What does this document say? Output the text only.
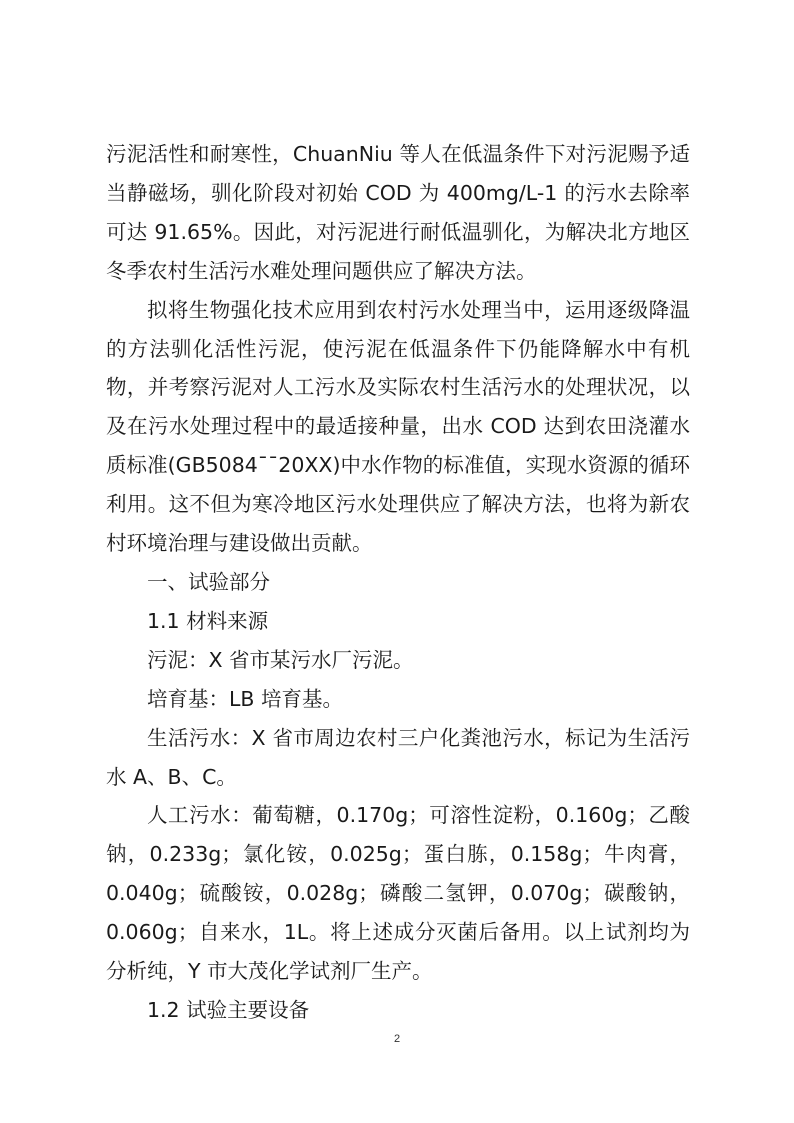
污泥活性和耐寒性，ChuanNiu 等人在低温条件下对污泥赐予适当静磁场，驯化阶段对初始 COD 为 400mg/L-1 的污水去除率可达 91.65%。因此，对污泥进行耐低温驯化，为解决北方地区冬季农村生活污水难处理问题供应了解决方法。

拟将生物强化技术应用到农村污水处理当中，运用逐级降温的方法驯化活性污泥，使污泥在低温条件下仍能降解水中有机物，并考察污泥对人工污水及实际农村生活污水的处理状况，以及在污水处理过程中的最适接种量，出水 COD 达到农田浇灌水质标准(GB5084¯¯20XX)中水作物的标准值，实现水资源的循环利用。这不但为寒冷地区污水处理供应了解决方法，也将为新农村环境治理与建设做出贡献。

一、试验部分

1.1 材料来源

污泥：X 省市某污水厂污泥。

培育基：LB 培育基。

生活污水：X 省市周边农村三户化粪池污水，标记为生活污水 A、B、C。

人工污水：葡萄糖，0.170g；可溶性淀粉，0.160g；乙酸钠，0.233g；氯化铵，0.025g；蛋白胨，0.158g；牛肉膏，0.040g；硫酸铵，0.028g；磷酸二氢钾，0.070g；碳酸钠，0.060g；自来水，1L。将上述成分灭菌后备用。以上试剂均为分析纯，Y 市大茂化学试剂厂生产。

1.2 试验主要设备

2
